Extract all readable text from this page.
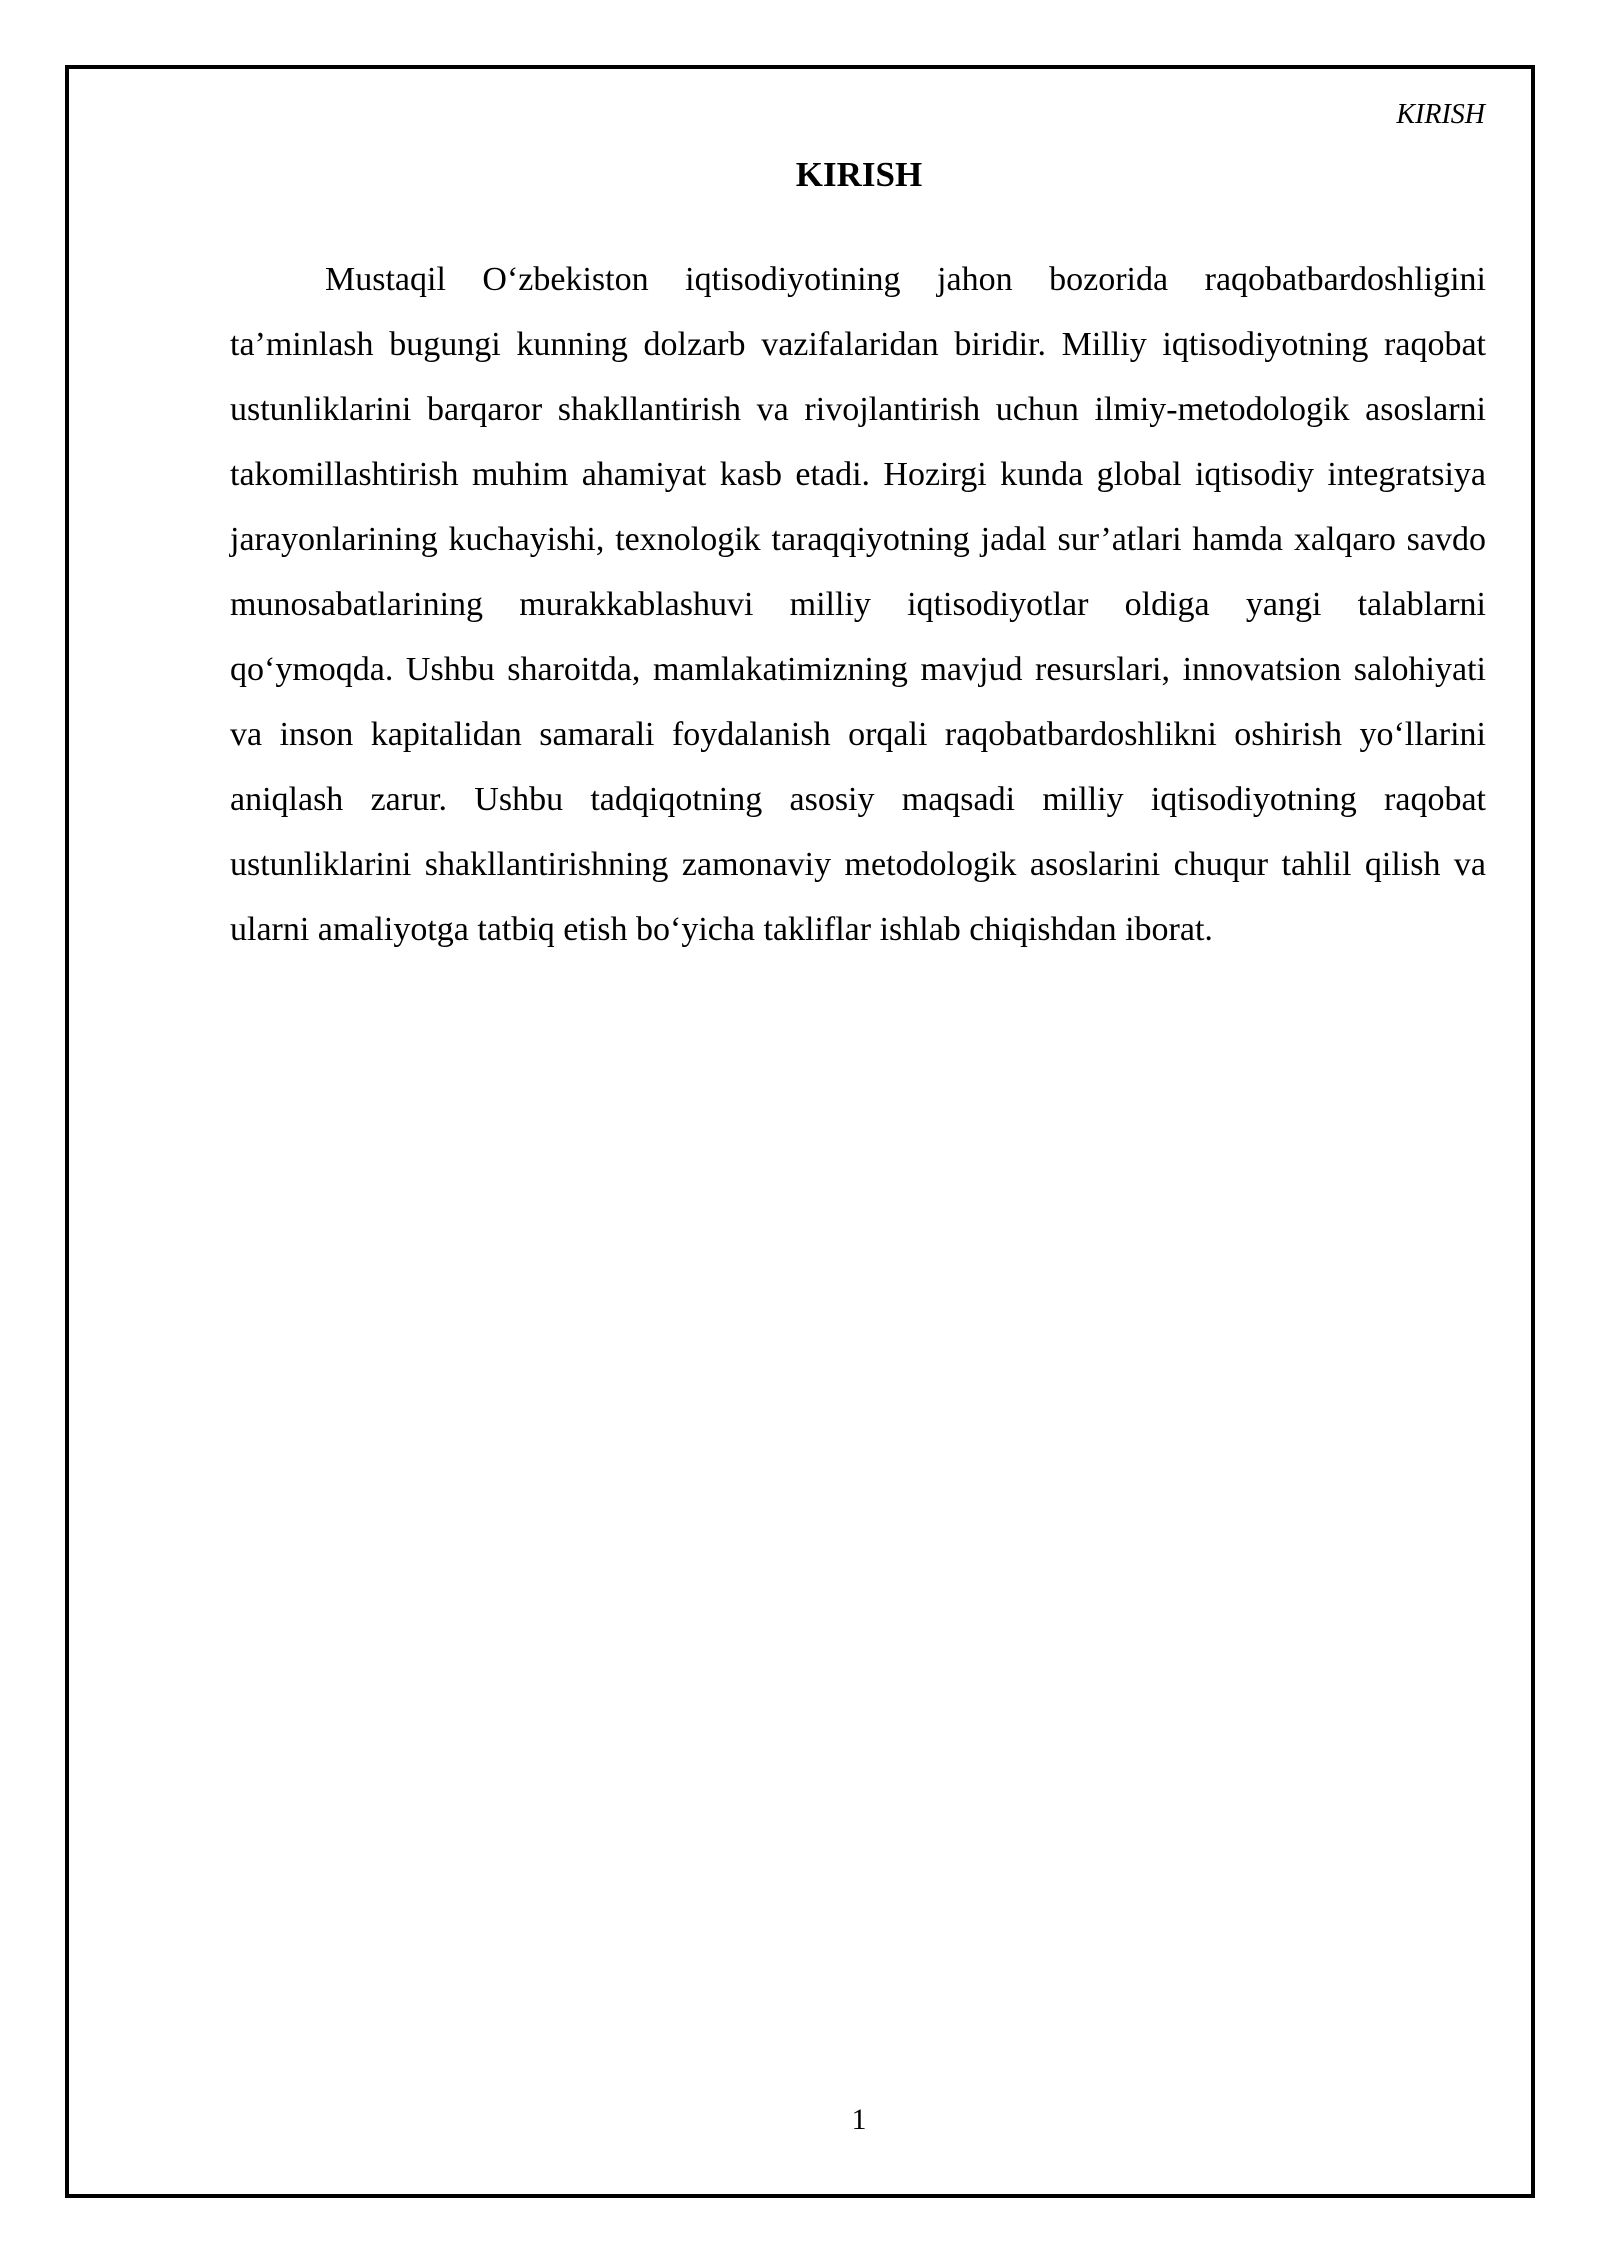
KIRISH
KIRISH

Mustaqil O‘zbekiston iqtisodiyotining jahon bozorida raqobatbardoshligini ta’minlash bugungi kunning dolzarb vazifalaridan biridir. Milliy iqtisodiyotning raqobat ustunliklarini barqaror shakllantirish va rivojlantirish uchun ilmiy-metodologik asoslarni takomillashtirish muhim ahamiyat kasb etadi. Hozirgi kunda global iqtisodiy integratsiya jarayonlarining kuchayishi, texnologik taraqqiyotning jadal sur’atlari hamda xalqaro savdo munosabatlarining murakkablashuvi milliy iqtisodiyotlar oldiga yangi talablarni qo‘ymoqda. Ushbu sharoitda, mamlakatimizning mavjud resurslari, innovatsion salohiyati va inson kapitalidan samarali foydalanish orqali raqobatbardoshlikni oshirish yo‘llarini aniqlash zarur. Ushbu tadqiqotning asosiy maqsadi milliy iqtisodiyotning raqobat ustunliklarini shakllantirishning zamonaviy metodologik asoslarini chuqur tahlil qilish va ularni amaliyotga tatbiq etish bo‘yicha takliflar ishlab chiqishdan iborat.

1
